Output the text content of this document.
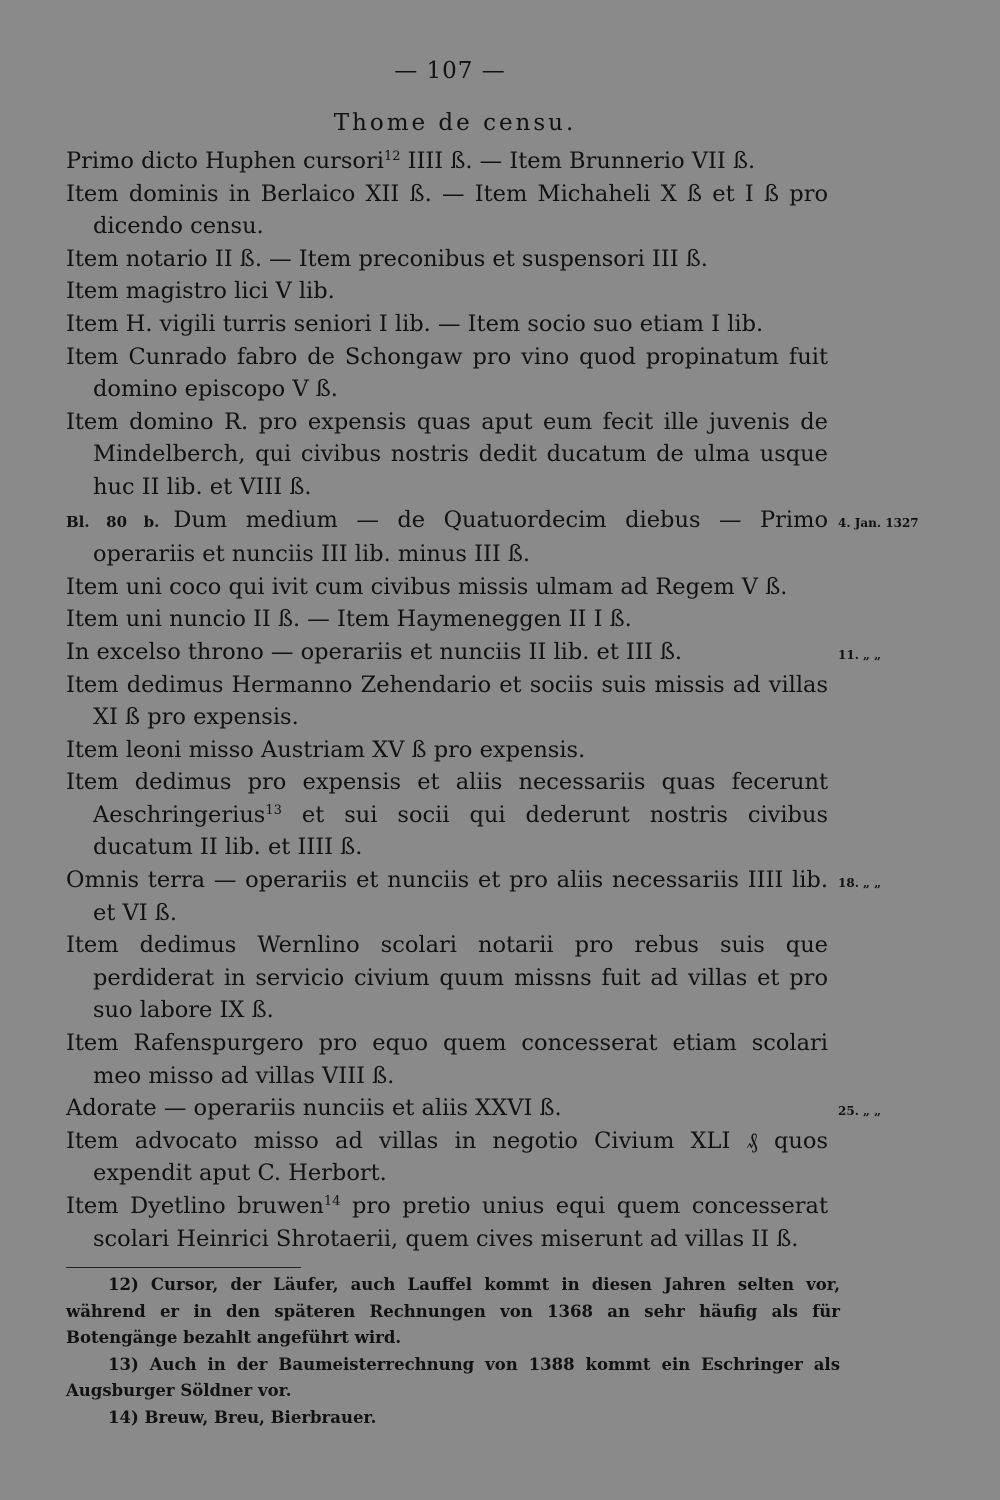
— 107 —
Thome de censu.
Primo dicto Huphen cursori$^{12}$ IIII ß. — Item Brunnerio VII ß.
Item dominis in Berlaico XII ß. — Item Michaheli X ß et I ß pro dicendo censu.
Item notario II ß. — Item preconibus et suspensori III ß.
Item magistro lici V lib.
Item H. vigili turris seniori I lib. — Item socio suo etiam I lib.
Item Cunrado fabro de Schongaw pro vino quod propinatum fuit domino episcopo V ß.
Item domino R. pro expensis quas aput eum fecit ille juvenis de Mindelberch, qui civibus nostris dedit ducatum de ulma usque huc II lib. et VIII ß.
Bl. 80 b. Dum medium — de Quatuordecim diebus — Primo operariis et nunciis III lib. minus III ß.
4. Jan. 1327
Item uni coco qui ivit cum civibus missis ulmam ad Regem V ß.
Item uni nuncio II ß. — Item Haymeneggen II I ß.
In excelso throno — operariis et nunciis II lib. et III ß.	11. „ „
Item dedimus Hermanno Zehendario et sociis suis missis ad villas XI ß pro expensis.
Item leoni misso Austriam XV ß pro expensis.
Item dedimus pro expensis et aliis necessariis quas fecerunt Aeschringerius$^{13}$ et sui socii qui dederunt nostris civibus ducatum II lib. et IIII ß.
Omnis terra — operariis et nunciis et pro aliis necessariis IIII lib. et VI ß.
18. „ „
Item dedimus Wernlino scolari notarii pro rebus suis que perdiderat in servicio civium quum missns fuit ad villas et pro suo labore IX ß.
Item Rafenspurgero pro equo quem concesserat etiam scolari meo misso ad villas VIII ß.
Adorate — operariis nunciis et aliis XXVI ß.	25. „ „
Item advocato misso ad villas in negotio Civium XLI ₰ quos expendit aput C. Herbort.
Item Dyetlino bruwen$^{14}$ pro pretio unius equi quem concesserat scolari Heinrici Shrotaerii, quem cives miserunt ad villas II ß.
12) Cursor, der Läufer, auch Lauffel kommt in diesen Jahren selten vor, während er in den späteren Rechnungen von 1368 an sehr häufig als für Botengänge bezahlt angeführt wird.
13) Auch in der Baumeisterrechnung von 1388 kommt ein Eschringer als Augsburger Söldner vor.
14) Breuw, Breu, Bierbrauer.
